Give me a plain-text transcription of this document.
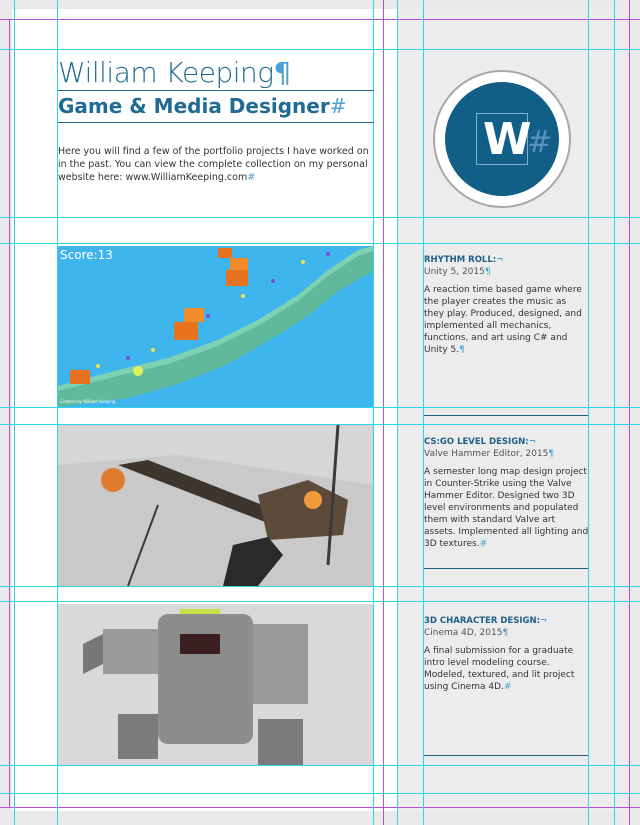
William Keeping¶
Game & Media Designer#
Here you will find a few of the portfolio projects I have worked on in the past. You can view the complete collection on my personal website here: www.WilliamKeeping.com#
W
#
Score:13
Created by William Keeping
RHYTHM ROLL:¬
Unity 5, 2015¶
A reaction time based game where the player creates the music as they play. Produced, designed, and implemented all mechanics, functions, and art using C# and Unity 5.¶
CS:GO LEVEL DESIGN:¬
Valve Hammer Editor, 2015¶
A semester long map design project in Counter-Strike using the Valve Hammer Editor. Designed two 3D level environments and populated them with standard Valve art assets. Implemented all lighting and 3D textures.#
3D CHARACTER DESIGN:¬
Cinema 4D, 2015¶
A final submission for a graduate intro level modeling course. Modeled, textured, and lit project using Cinema 4D.#
